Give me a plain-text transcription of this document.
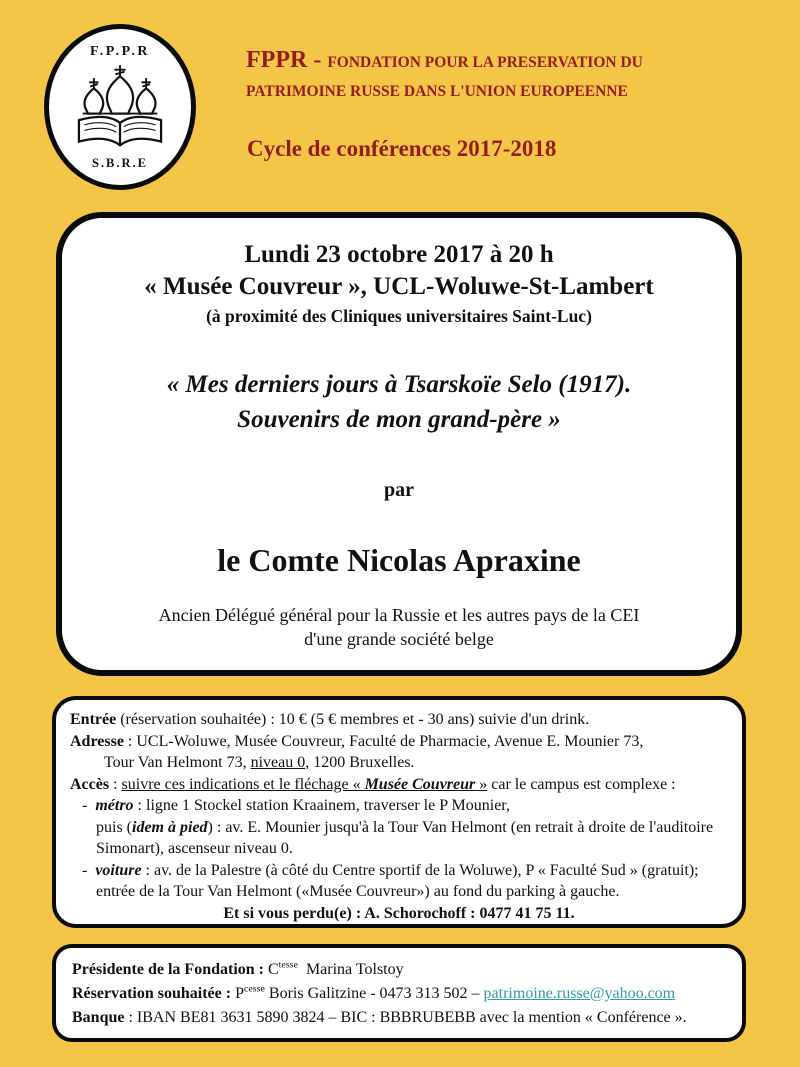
F.P.P.R
S.B.R.E
FPPR - FONDATION POUR LA PRESERVATION DU
PATRIMOINE RUSSE DANS L'UNION EUROPEENNE
Cycle de conférences 2017-2018
Lundi 23 octobre 2017 à 20 h
« Musée Couvreur », UCL-Woluwe-St-Lambert
(à proximité des Cliniques universitaires Saint-Luc)
« Mes derniers jours à Tsarskoïe Selo (1917).
Souvenirs de mon grand-père »
par
le Comte Nicolas Apraxine
Ancien Délégué général pour la Russie et les autres pays de la CEI
d'une grande société belge

Entrée (réservation souhaitée) : 10 € (5 € membres et - 30 ans) suivie d'un drink.

Adresse : UCL-Woluwe, Musée Couvreur, Faculté de Pharmacie, Avenue E. Mounier 73,

Tour Van Helmont 73, niveau 0, 1200 Bruxelles.

Accès : suivre ces indications et le fléchage « Musée Couvreur » car le campus est complexe :

-  métro : ligne 1 Stockel station Kraainem, traverser le P Mounier,

puis (idem à pied) : av. E. Mounier jusqu'à la Tour Van Helmont (en retrait à droite de l'auditoire Simonart), ascenseur niveau 0.

-  voiture : av. de la Palestre (à côté du Centre sportif de la Woluwe), P « Faculté Sud » (gratuit); entrée de la Tour Van Helmont («Musée Couvreur») au fond du parking à gauche.

Et si vous perdu(e) : A. Schorochoff : 0477 41 75 11.

Présidente de la Fondation : $C^{tesse}$  Marina Tolstoy

Réservation souhaitée : $P^{cesse}$ Boris Galitzine - 0473 313 502 – patrimoine.russe@yahoo.com

Banque : IBAN BE81 3631 5890 3824 – BIC : BBBRUBEBB avec la mention « Conférence ».
